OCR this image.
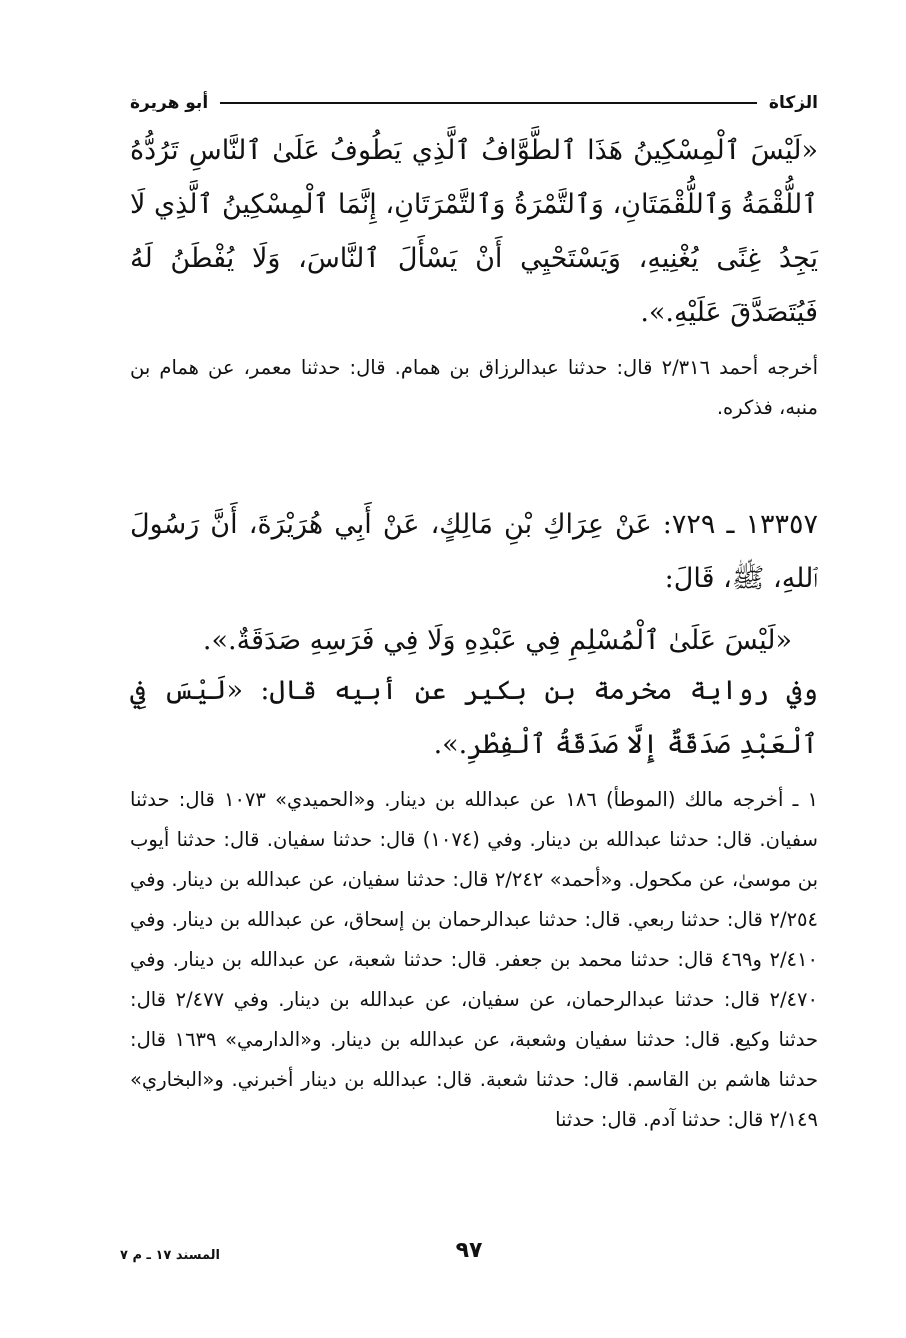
الزكاة
أبو هريرة
«لَيْسَ ٱلْمِسْكِينُ هَذَا ٱلطَّوَّافُ ٱلَّذِي يَطُوفُ عَلَىٰ ٱلنَّاسِ تَرُدُّهُ ٱللُّقْمَةُ وَٱللُّقْمَتَانِ، وَٱلتَّمْرَةُ وَٱلتَّمْرَتَانِ، إِنَّمَا ٱلْمِسْكِينُ ٱلَّذِي لَا يَجِدُ غِنًى يُغْنِيهِ، وَيَسْتَحْيِي أَنْ يَسْأَلَ ٱلنَّاسَ، وَلَا يُفْطَنُ لَهُ فَيُتَصَدَّقَ عَلَيْهِ.».
أخرجه أحمد ٢/٣١٦ قال: حدثنا عبدالرزاق بن همام. قال: حدثنا معمر، عن همام بن منبه، فذكره.
١٣٣٥٧ ـ ٧٢٩: عَنْ عِرَاكِ بْنِ مَالِكٍ، عَنْ أَبِي هُرَيْرَةَ، أَنَّ رَسُولَ ٱللهِ، ﷺ، قَالَ:
«لَيْسَ عَلَىٰ ٱلْمُسْلِمِ فِي عَبْدِهِ وَلَا فِي فَرَسِهِ صَدَقَةٌ.».
وفي رواية مخرمة بن بكير عن أبيه قال: «لَيْسَ فِي ٱلْعَبْدِ صَدَقَةٌ إِلَّا صَدَقَةُ ٱلْفِطْرِ.».
١ ـ أخرجه مالك (الموطأ) ١٨٦ عن عبدالله بن دينار. و«الحميدي» ١٠٧٣ قال: حدثنا سفيان. قال: حدثنا عبدالله بن دينار. وفي (١٠٧٤) قال: حدثنا سفيان. قال: حدثنا أيوب بن موسىٰ، عن مكحول. و«أحمد» ٢/٢٤٢ قال: حدثنا سفيان، عن عبدالله بن دينار. وفي ٢/٢٥٤ قال: حدثنا ربعي. قال: حدثنا عبدالرحمان بن إسحاق، عن عبدالله بن دينار. وفي ٢/٤١٠ و٤٦٩ قال: حدثنا محمد بن جعفر. قال: حدثنا شعبة، عن عبدالله بن دينار. وفي ٢/٤٧٠ قال: حدثنا عبدالرحمان، عن سفيان، عن عبدالله بن دينار. وفي ٢/٤٧٧ قال: حدثنا وكيع. قال: حدثنا سفيان وشعبة، عن عبدالله بن دينار. و«الدارمي» ١٦٣٩ قال: حدثنا هاشم بن القاسم. قال: حدثنا شعبة. قال: عبدالله بن دينار أخبرني. و«البخاري» ٢/١٤٩ قال: حدثنا آدم. قال: حدثنا
٩٧
المسند ١٧ ـ م ٧
